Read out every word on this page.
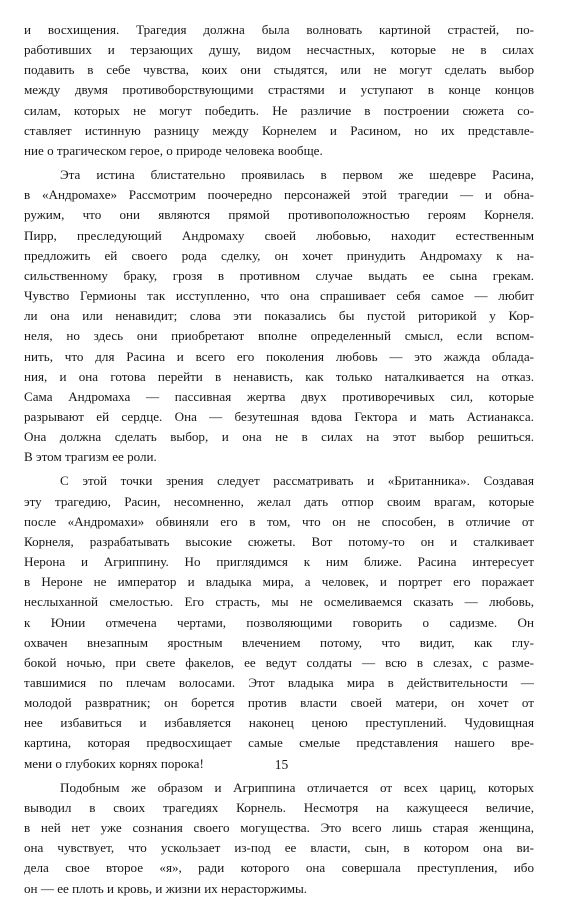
и восхищения. Трагедия должна была волновать картиной страстей, по-
работивших и терзающих душу, видом несчастных, которые не в силах
подавить в себе чувства, коих они стыдятся, или не могут сделать выбор
между двумя противоборствующими страстями и уступают в конце концов
силам, которых не могут победить. Не различие в построении сюжета со-
ставляет истинную разницу между Корнелем и Расином, но их представле-
ние о трагическом герое, о природе человека вообще.
Эта истина блистательно проявилась в первом же шедевре Расина,
в «Андромахе» Рассмотрим поочередно персонажей этой трагедии — и обна-
ружим, что они являются прямой противоположностью героям Корнеля.
Пирр, преследующий Андромаху своей любовью, находит естественным
предложить ей своего рода сделку, он хочет принудить Андромаху к на-
сильственному браку, грозя в противном случае выдать ее сына грекам.
Чувство Гермионы так исступленно, что она спрашивает себя самое — любит
ли она или ненавидит; слова эти показались бы пустой риторикой у Кор-
неля, но здесь они приобретают вполне определенный смысл, если вспом-
нить, что для Расина и всего его поколения любовь — это жажда облада-
ния, и она готова перейти в ненависть, как только наталкивается на отказ.
Сама Андромаха — пассивная жертва двух противоречивых сил, которые
разрывают ей сердце. Она — безутешная вдова Гектора и мать Астианакса.
Она должна сделать выбор, и она не в силах на этот выбор решиться.
В этом трагизм ее роли.
С этой точки зрения следует рассматривать и «Британника». Создавая
эту трагедию, Расин, несомненно, желал дать отпор своим врагам, которые
после «Андромахи» обвиняли его в том, что он не способен, в отличие от
Корнеля, разрабатывать высокие сюжеты. Вот потому-то он и сталкивает
Нерона и Агриппину. Но приглядимся к ним ближе. Расина интересует
в Нероне не император и владыка мира, а человек, и портрет его поражает
неслыханной смелостью. Его страсть, мы не осмеливаемся сказать — любовь,
к Юнии отмечена чертами, позволяющими говорить о садизме. Он
охвачен внезапным яростным влечением потому, что видит, как глу-
бокой ночью, при свете факелов, ее ведут солдаты — всю в слезах, с разме-
тавшимися по плечам волосами. Этот владыка мира в действительности —
молодой развратник; он борется против власти своей матери, он хочет от
нее избавиться и избавляется наконец ценою преступлений. Чудовищная
картина, которая предвосхищает самые смелые представления нашего вре-
мени о глубоких корнях порока!
Подобным же образом и Агриппина отличается от всех цариц, которых
выводил в своих трагедиях Корнель. Несмотря на кажущееся величие,
в ней нет уже сознания своего могущества. Это всего лишь старая женщина,
она чувствует, что ускользает из-под ее власти, сын, в котором она ви-
дела свое второе «я», ради которого она совершала преступления, ибо
он — ее плоть и кровь, и жизни их нерасторжимы.
15
